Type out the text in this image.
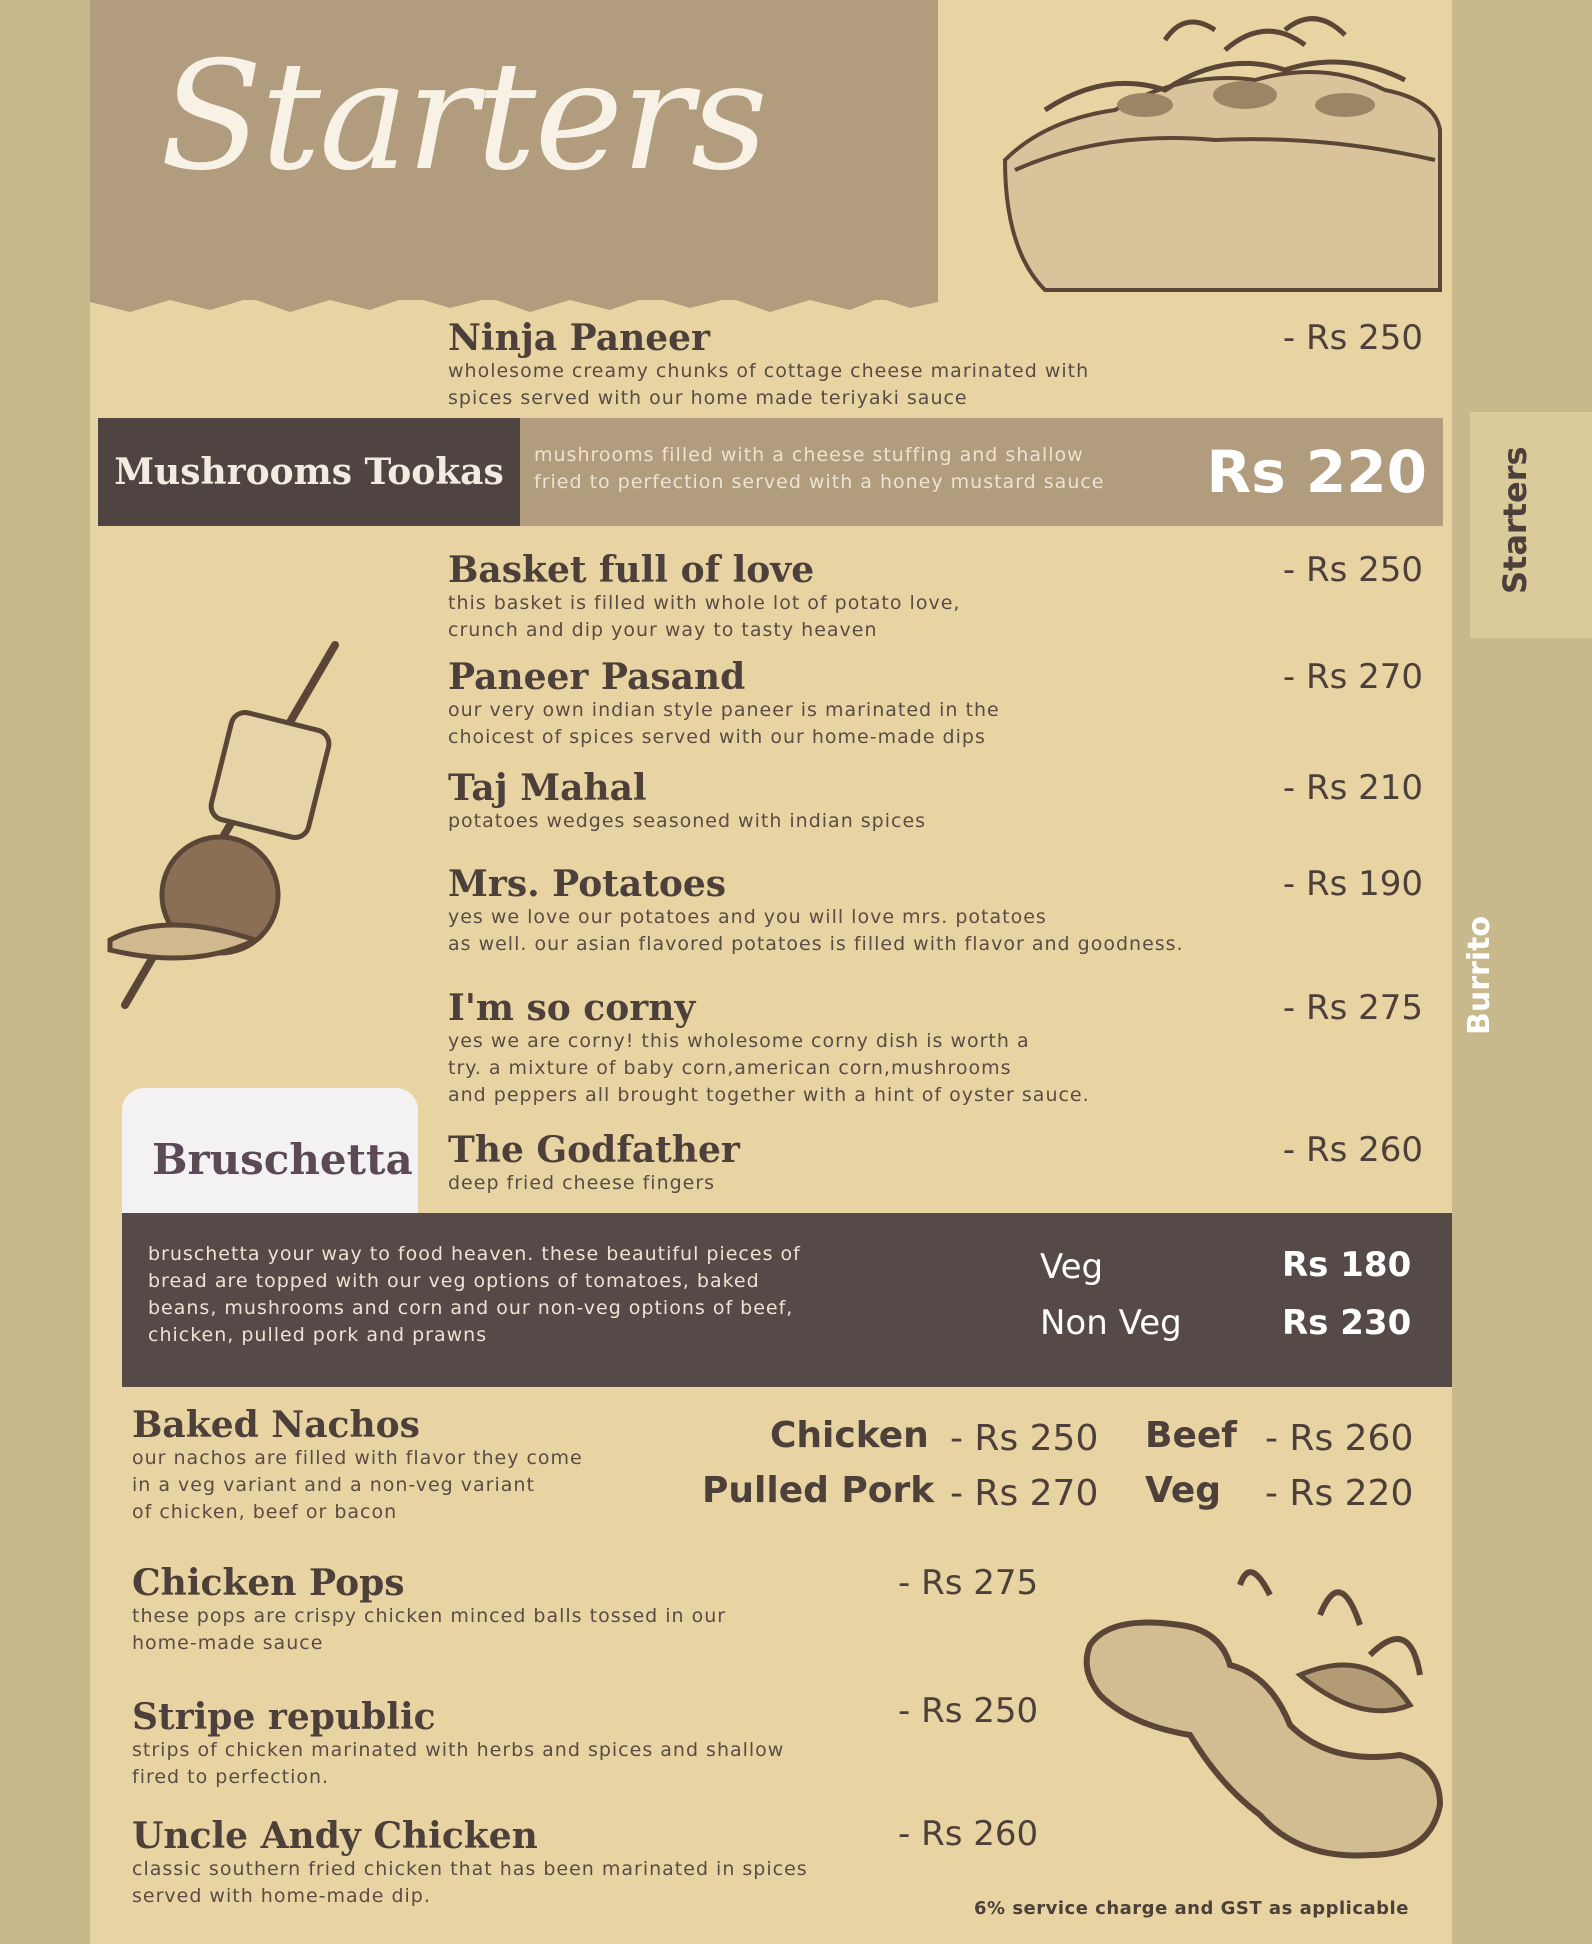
Starters
Burrito
Starters
Ninja Paneer
wholesome creamy chunks of cottage cheese marinated with
spices served with our home made teriyaki sauce
- Rs 250
Mushrooms Tookas mushrooms filled with a cheese stuffing and shallow
fried to perfection served with a honey mustard sauce Rs 220
Basket full of love
this basket is filled with whole lot of potato love,
crunch and dip your way to tasty heaven
- Rs 250
Paneer Pasand
our very own indian style paneer is marinated in the
choicest of spices served with our home-made dips
- Rs 270
Taj Mahal
potatoes wedges seasoned with indian spices
- Rs 210
Mrs. Potatoes
yes we love our potatoes and you will love mrs. potatoes
as well. our asian flavored potatoes is filled with flavor and goodness.
- Rs 190
I'm so corny
yes we are corny! this wholesome corny dish is worth a
try. a mixture of baby corn,american corn,mushrooms
and peppers all brought together with a hint of oyster sauce.
- Rs 275
Bruschetta The Godfather
deep fried cheese fingers
- Rs 260
bruschetta your way to food heaven. these beautiful pieces of
bread are topped with our veg options of tomatoes, baked
beans, mushrooms and corn and our non-veg options of beef,
chicken, pulled pork and prawns
Veg	Rs 180
Non Veg	Rs 230
Baked Nachos
our nachos are filled with flavor they come
in a veg variant and a non-veg variant
of chicken, beef or bacon
Chicken - Rs 250 Beef - Rs 260
Pulled Pork - Rs 270 Veg - Rs 220
Chicken Pops
these pops are crispy chicken minced balls tossed in our
home-made sauce
- Rs 275
Stripe republic
strips of chicken marinated with herbs and spices and shallow
fired to perfection.
- Rs 250
Uncle Andy Chicken
classic southern fried chicken that has been marinated in spices
served with home-made dip.
- Rs 260
6% service charge and GST as applicable
